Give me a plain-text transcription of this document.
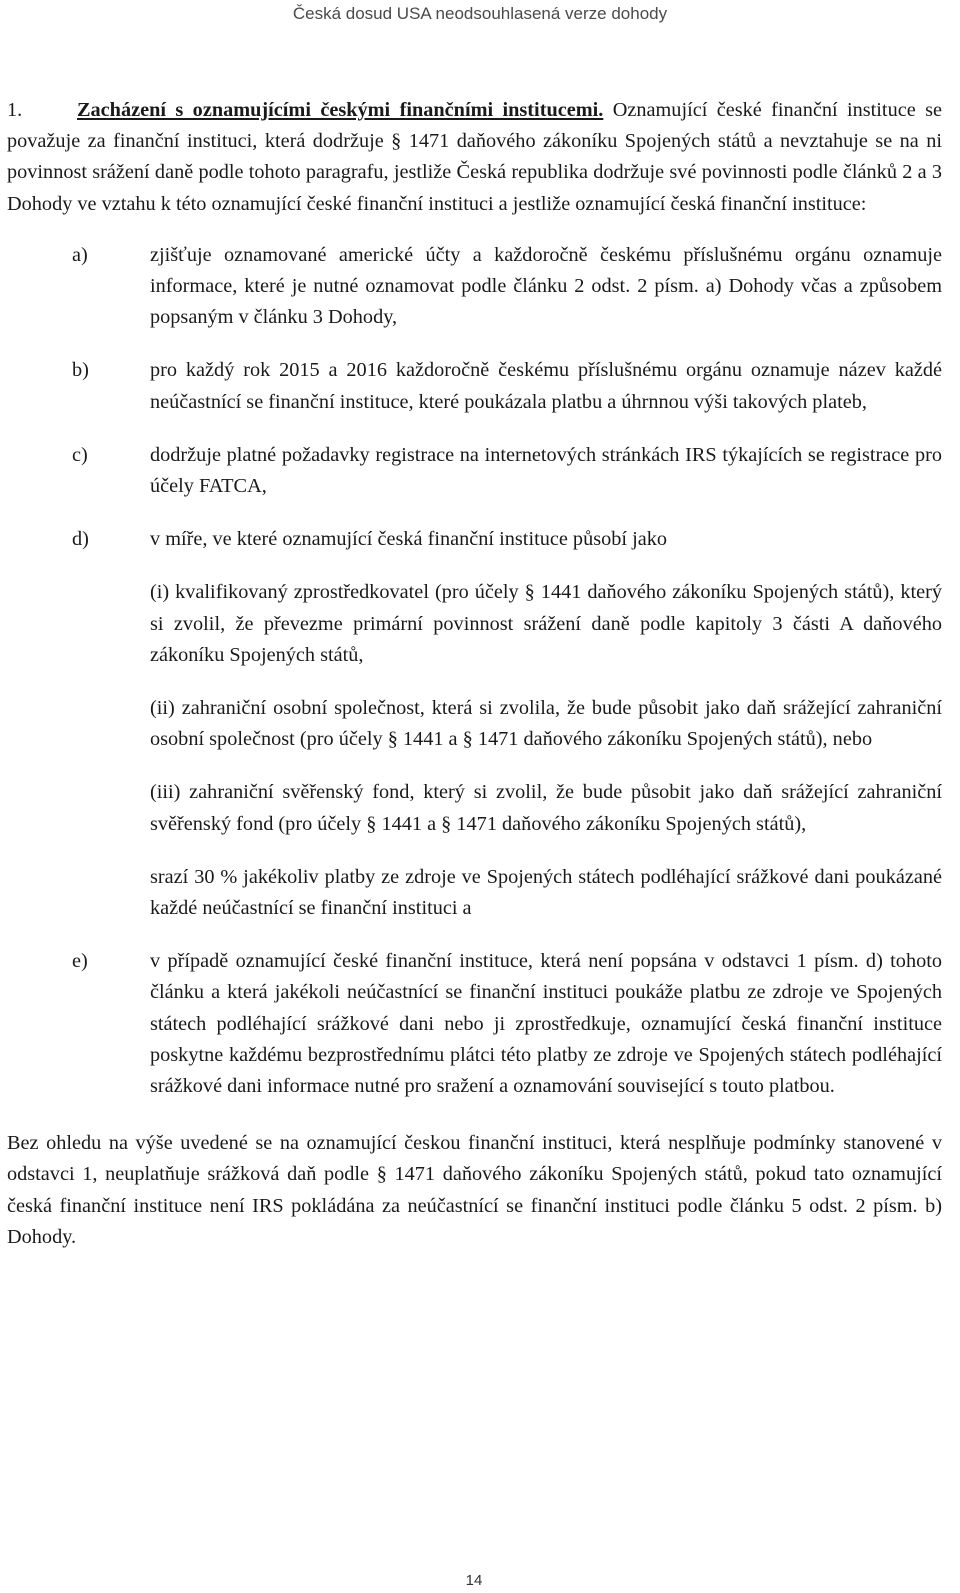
Česká dosud USA neodsouhlasená verze dohody

1.	Zacházení s oznamujícími českými finančními institucemi. Oznamující české finanční instituce se považuje za finanční instituci, která dodržuje § 1471 daňového zákoníku Spojených států a nevztahuje se na ni povinnost srážení daně podle tohoto paragrafu, jestliže Česká republika dodržuje své povinnosti podle článků 2 a 3 Dohody ve vztahu k této oznamující české finanční instituci a jestliže oznamující česká finanční instituce:

a)	zjišťuje oznamované americké účty a každoročně českému příslušnému orgánu oznamuje informace, které je nutné oznamovat podle článku 2 odst. 2 písm. a) Dohody včas a způsobem popsaným v článku 3 Dohody,
b)	pro každý rok 2015 a 2016 každoročně českému příslušnému orgánu oznamuje název každé neúčastnící se finanční instituce, které poukázala platbu a úhrnnou výši takových plateb,
c)	dodržuje platné požadavky registrace na internetových stránkách IRS týkajících se registrace pro účely FATCA,
d)	v míře, ve které oznamující česká finanční instituce působí jako
(i) kvalifikovaný zprostředkovatel (pro účely § 1441 daňového zákoníku Spojených států), který si zvolil, že převezme primární povinnost srážení daně podle kapitoly 3 části A daňového zákoníku Spojených států,
(ii) zahraniční osobní společnost, která si zvolila, že bude působit jako daň srážející zahraniční osobní společnost (pro účely § 1441 a § 1471 daňového zákoníku Spojených států), nebo
(iii) zahraniční svěřenský fond, který si zvolil, že bude působit jako daň srážející zahraniční svěřenský fond (pro účely § 1441 a § 1471 daňového zákoníku Spojených států),
srazí 30 % jakékoliv platby ze zdroje ve Spojených státech podléhající srážkové dani poukázané každé neúčastnící se finanční instituci a
e)	v případě oznamující české finanční instituce, která není popsána v odstavci 1 písm. d) tohoto článku a která jakékoli neúčastnící se finanční instituci poukáže platbu ze zdroje ve Spojených státech podléhající srážkové dani nebo ji zprostředkuje, oznamující česká finanční instituce poskytne každému bezprostřednímu plátci této platby ze zdroje ve Spojených státech podléhající srážkové dani informace nutné pro sražení a oznamování související s touto platbou.

Bez ohledu na výše uvedené se na oznamující českou finanční instituci, která nesplňuje podmínky stanovené v odstavci 1, neuplatňuje srážková daň podle § 1471 daňového zákoníku Spojených států, pokud tato oznamující česká finanční instituce není IRS pokládána za neúčastnící se finanční instituci podle článku 5 odst. 2 písm. b) Dohody.

14
